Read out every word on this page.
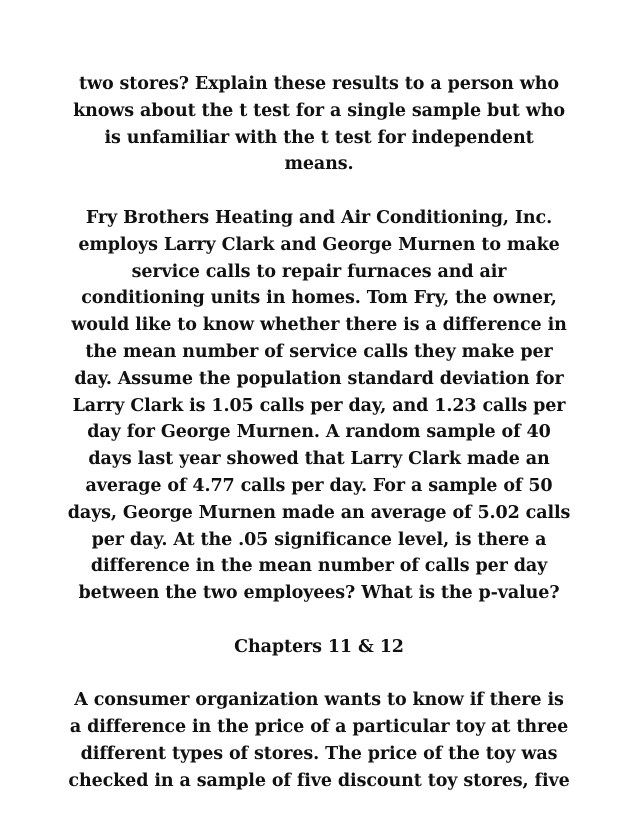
two stores? Explain these results to a person who
knows about the t test for a single sample but who
is unfamiliar with the t test for independent
means.
Fry Brothers Heating and Air Conditioning, Inc.
employs Larry Clark and George Murnen to make
service calls to repair furnaces and air
conditioning units in homes. Tom Fry, the owner,
would like to know whether there is a difference in
the mean number of service calls they make per
day. Assume the population standard deviation for
Larry Clark is 1.05 calls per day, and 1.23 calls per
day for George Murnen. A random sample of 40
days last year showed that Larry Clark made an
average of 4.77 calls per day. For a sample of 50
days, George Murnen made an average of 5.02 calls
per day. At the .05 significance level, is there a
difference in the mean number of calls per day
between the two employees? What is the p-value?
Chapters 11 & 12
A consumer organization wants to know if there is
a difference in the price of a particular toy at three
different types of stores. The price of the toy was
checked in a sample of five discount toy stores, five
